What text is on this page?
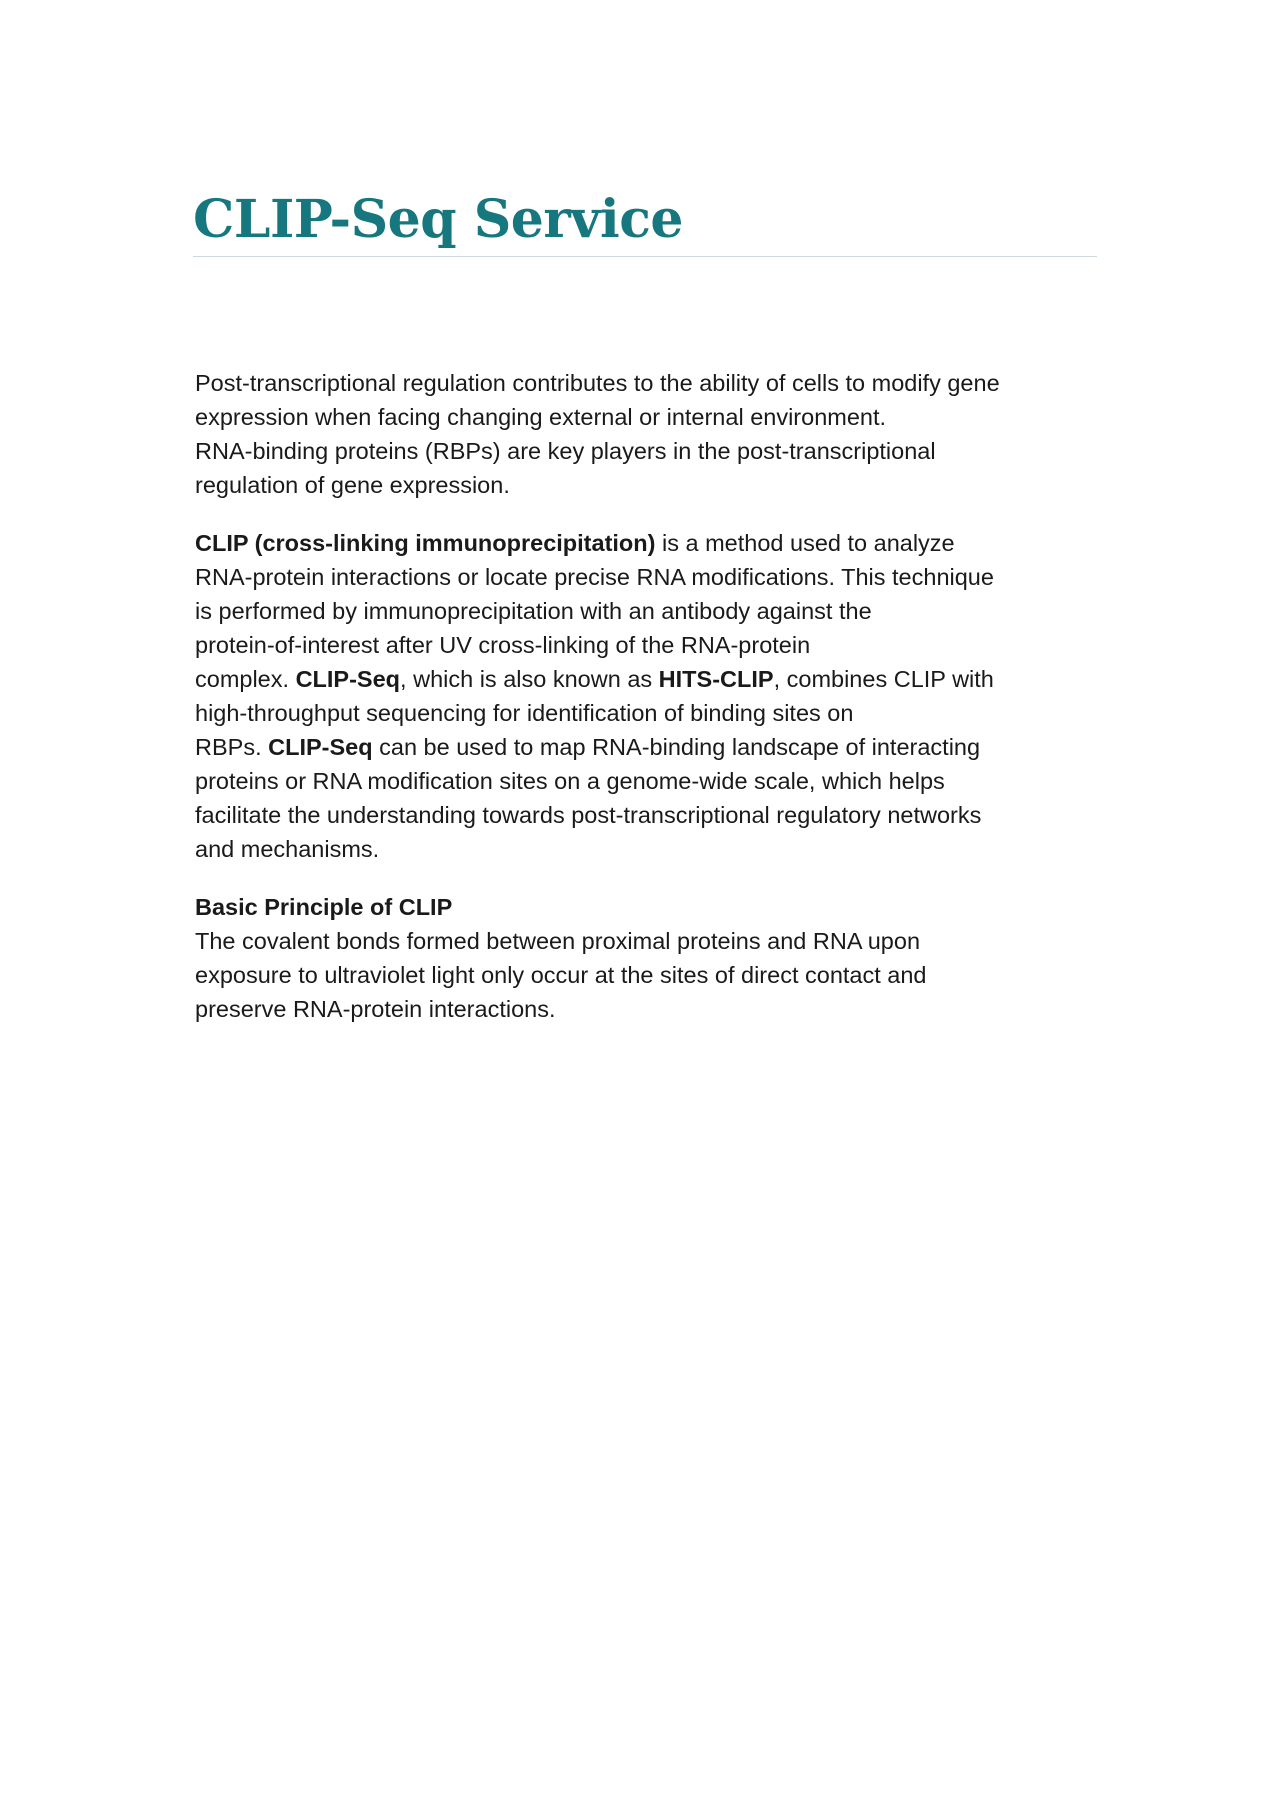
CLIP-Seq Service

Post-transcriptional regulation contributes to the ability of cells to modify gene
expression when facing changing external or internal environment.
RNA-binding proteins (RBPs) are key players in the post-transcriptional
regulation of gene expression.

CLIP (cross-linking immunoprecipitation) is a method used to analyze
RNA-protein interactions or locate precise RNA modifications. This technique
is performed by immunoprecipitation with an antibody against the
protein-of-interest after UV cross-linking of the RNA-protein
complex. CLIP-Seq, which is also known as HITS-CLIP, combines CLIP with
high-throughput sequencing for identification of binding sites on
RBPs. CLIP-Seq can be used to map RNA-binding landscape of interacting
proteins or RNA modification sites on a genome-wide scale, which helps
facilitate the understanding towards post-transcriptional regulatory networks
and mechanisms.

Basic Principle of CLIP
The covalent bonds formed between proximal proteins and RNA upon
exposure to ultraviolet light only occur at the sites of direct contact and
preserve RNA-protein interactions.
